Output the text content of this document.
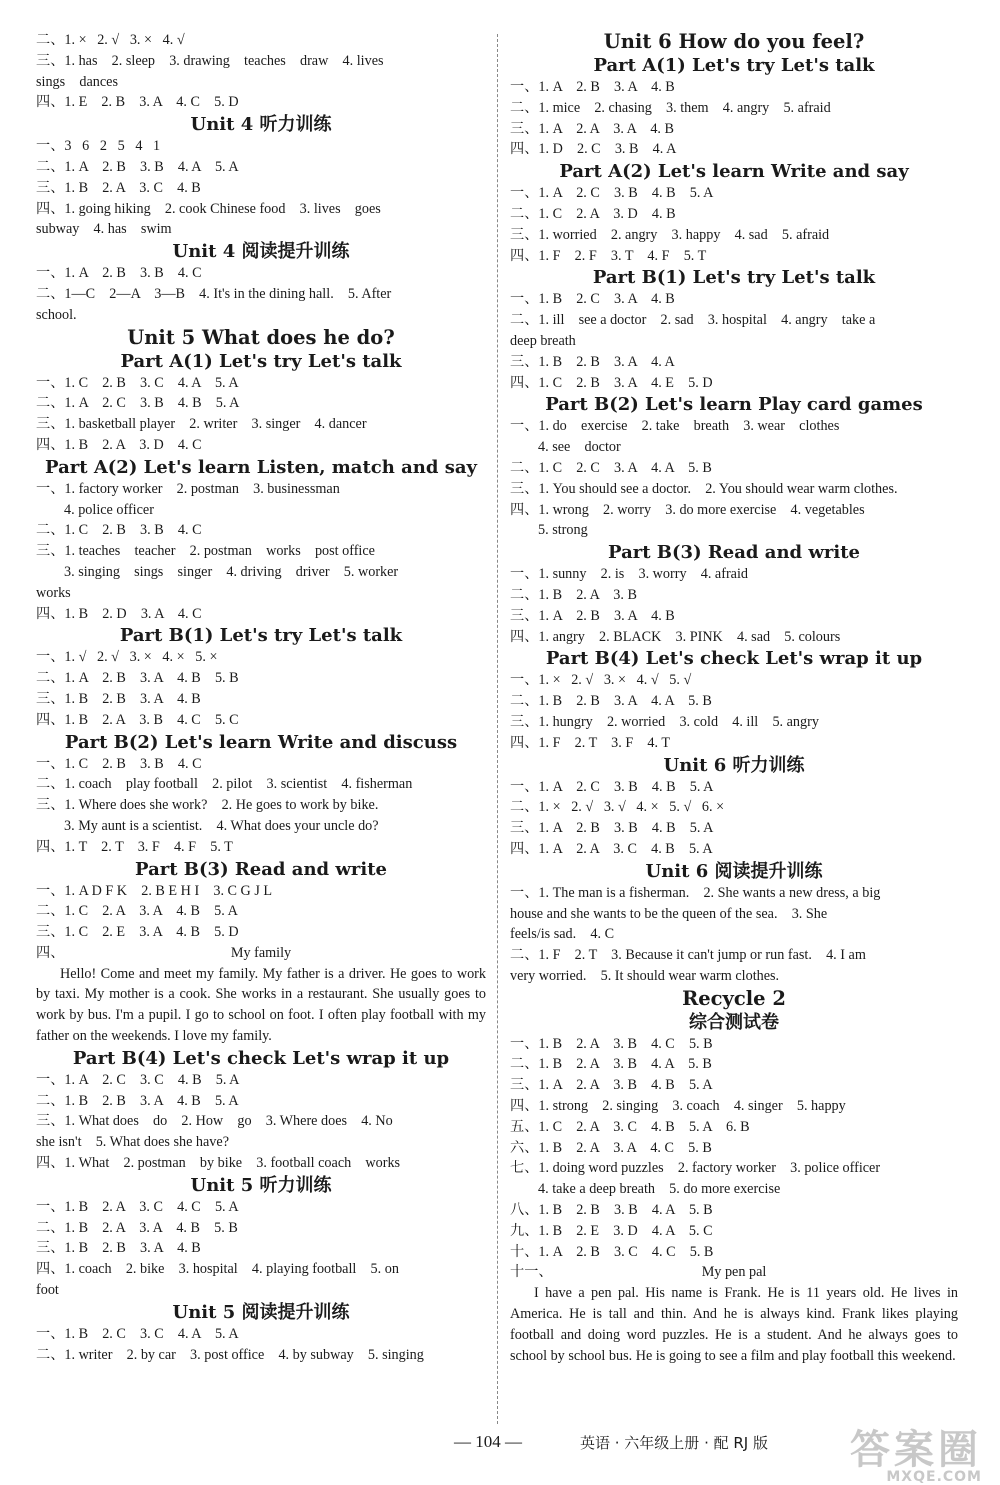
二、1. ×   2. √   3. ×   4. √
三、1. has    2. sleep    3. drawing    teaches    draw    4. lives
sings    dances
四、1. E    2. B    3. A    4. C    5. D
Unit 4 听力训练
一、3   6   2   5   4   1
二、1. A    2. B    3. B    4. A    5. A
三、1. B    2. A    3. C    4. B
四、1. going hiking    2. cook Chinese food    3. lives    goes
subway    4. has    swim
Unit 4 阅读提升训练
一、1. A    2. B    3. B    4. C
二、1—C    2—A    3—B    4. It's in the dining hall.    5. After
school.
Unit 5 What does he do?
Part A(1) Let's try Let's talk
一、1. C    2. B    3. C    4. A    5. A
二、1. A    2. C    3. B    4. B    5. A
三、1. basketball player    2. writer    3. singer    4. dancer
四、1. B    2. A    3. D    4. C
Part A(2) Let's learn Listen, match and say
一、1. factory worker    2. postman    3. businessman
4. police officer
二、1. C    2. B    3. B    4. C
三、1. teaches    teacher    2. postman    works    post office
3. singing    sings    singer    4. driving    driver    5. worker
works
四、1. B    2. D    3. A    4. C
Part B(1) Let's try Let's talk
一、1. √   2. √   3. ×   4. ×   5. ×
二、1. A    2. B    3. A    4. B    5. B
三、1. B    2. B    3. A    4. B
四、1. B    2. A    3. B    4. C    5. C
Part B(2) Let's learn Write and discuss
一、1. C    2. B    3. B    4. C
二、1. coach    play football    2. pilot    3. scientist    4. fisherman
三、1. Where does she work?    2. He goes to work by bike.
3. My aunt is a scientist.    4. What does your uncle do?
四、1. T    2. T    3. F    4. F    5. T
Part B(3) Read and write
一、1. A D F K    2. B E H I    3. C G J L
二、1. C    2. A    3. A    4. B    5. A
三、1. C    2. E    3. A    4. B    5. D
四、	My family
Hello! Come and meet my family. My father is a driver. He goes to work by taxi. My mother is a cook. She works in a restaurant. She usually goes to work by bus. I'm a pupil. I go to school on foot. I often play football with my father on the weekends. I love my family.
Part B(4) Let's check Let's wrap it up
一、1. A    2. C    3. C    4. B    5. A
二、1. B    2. B    3. A    4. B    5. A
三、1. What does    do    2. How    go    3. Where does    4. No
she isn't    5. What does she have?
四、1. What    2. postman    by bike    3. football coach    works
Unit 5 听力训练
一、1. B    2. A    3. C    4. C    5. A
二、1. B    2. A    3. A    4. B    5. B
三、1. B    2. B    3. A    4. B
四、1. coach    2. bike    3. hospital    4. playing football    5. on
foot
Unit 5 阅读提升训练
一、1. B    2. C    3. C    4. A    5. A
二、1. writer    2. by car    3. post office    4. by subway    5. singing
Unit 6 How do you feel?
Part A(1) Let's try Let's talk
一、1. A    2. B    3. A    4. B
二、1. mice    2. chasing    3. them    4. angry    5. afraid
三、1. A    2. A    3. A    4. B
四、1. D    2. C    3. B    4. A
Part A(2) Let's learn Write and say
一、1. A    2. C    3. B    4. B    5. A
二、1. C    2. A    3. D    4. B
三、1. worried    2. angry    3. happy    4. sad    5. afraid
四、1. F    2. F    3. T    4. F    5. T
Part B(1) Let's try Let's talk
一、1. B    2. C    3. A    4. B
二、1. ill    see a doctor    2. sad    3. hospital    4. angry    take a
deep breath
三、1. B    2. B    3. A    4. A
四、1. C    2. B    3. A    4. E    5. D
Part B(2) Let's learn Play card games
一、1. do    exercise    2. take    breath    3. wear    clothes
4. see    doctor
二、1. C    2. C    3. A    4. A    5. B
三、1. You should see a doctor.    2. You should wear warm clothes.
四、1. wrong    2. worry    3. do more exercise    4. vegetables
5. strong
Part B(3) Read and write
一、1. sunny    2. is    3. worry    4. afraid
二、1. B    2. A    3. B
三、1. A    2. B    3. A    4. B
四、1. angry    2. BLACK    3. PINK    4. sad    5. colours
Part B(4) Let's check Let's wrap it up
一、1. ×   2. √   3. ×   4. √   5. √
二、1. B    2. B    3. A    4. A    5. B
三、1. hungry    2. worried    3. cold    4. ill    5. angry
四、1. F    2. T    3. F    4. T
Unit 6 听力训练
一、1. A    2. C    3. B    4. B    5. A
二、1. ×   2. √   3. √   4. ×   5. √   6. ×
三、1. A    2. B    3. B    4. B    5. A
四、1. A    2. A    3. C    4. B    5. A
Unit 6 阅读提升训练
一、1. The man is a fisherman.    2. She wants a new dress, a big
house and she wants to be the queen of the sea.    3. She
feels/is sad.    4. C
二、1. F    2. T    3. Because it can't jump or run fast.    4. I am
very worried.    5. It should wear warm clothes.
Recycle 2
综合测试卷
一、1. B    2. A    3. B    4. C    5. B
二、1. B    2. A    3. B    4. A    5. B
三、1. A    2. A    3. B    4. B    5. A
四、1. strong    2. singing    3. coach    4. singer    5. happy
五、1. C    2. A    3. C    4. B    5. A    6. B
六、1. B    2. A    3. A    4. C    5. B
七、1. doing word puzzles    2. factory worker    3. police officer
4. take a deep breath    5. do more exercise
八、1. B    2. B    3. B    4. A    5. B
九、1. B    2. E    3. D    4. A    5. C
十、1. A    2. B    3. C    4. C    5. B
十一、	My pen pal
I have a pen pal. His name is Frank. He is 11 years old. He lives in America. He is tall and thin. And he is always kind. Frank likes playing football and doing word puzzles. He is a student. And he always goes to school by school bus. He is going to see a film and play football this weekend.
— 104 —	英语 · 六年级上册 · 配 RJ 版 答案圈
MXQE.COM
